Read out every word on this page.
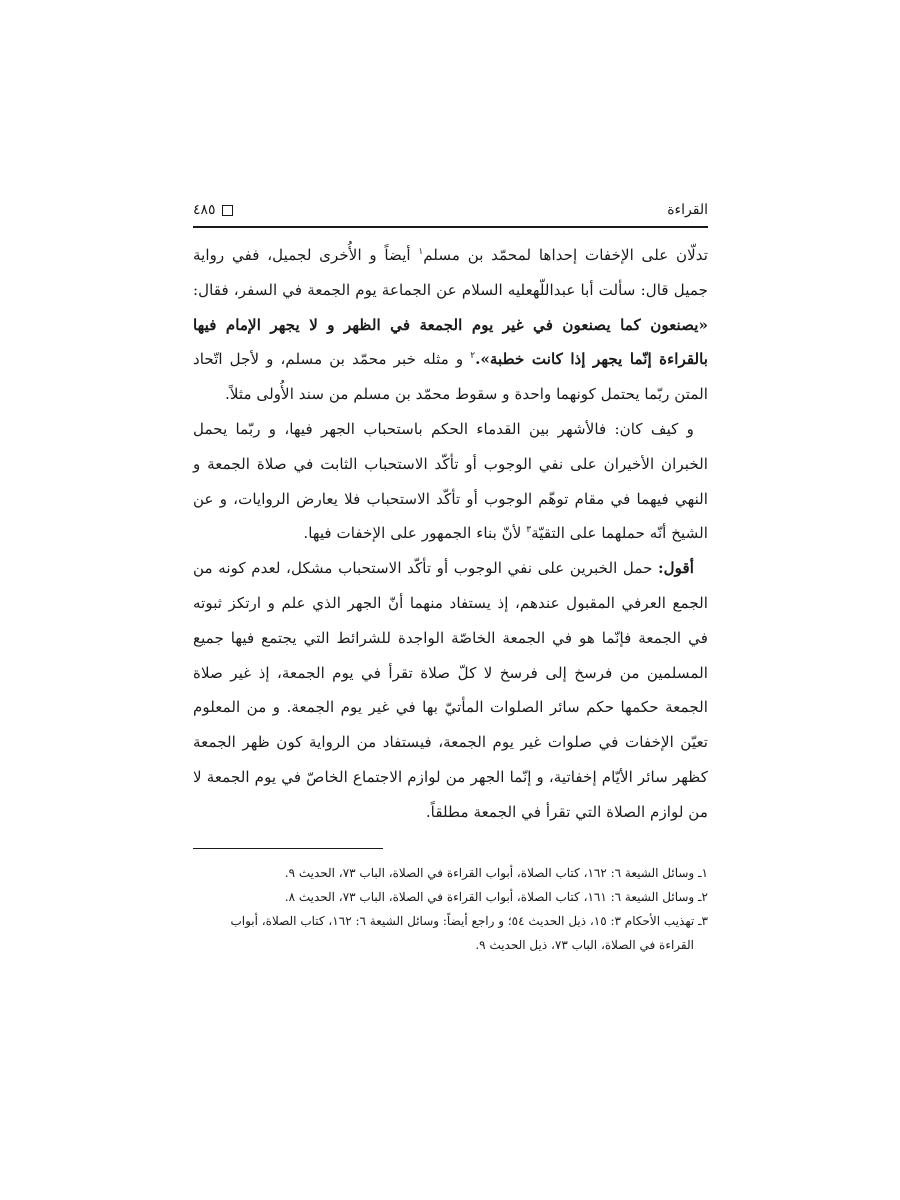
القراءة
٤٨٥

تدلّان على الإخفات إحداها لمحمّد بن مسلم$^١$ أيضاً و الأُخرى لجميل، ففي رواية جميل قال: سألت أبا عبداللّهعليه السلام عن الجماعة يوم الجمعة في السفر، فقال: «يصنعون كما يصنعون في غير يوم الجمعة في الظهر و لا يجهر الإمام فيها بالقراءة إنّما يجهر إذا كانت خطبة».$^٢$ و مثله خبر محمّد بن مسلم، و لأجل اتّحاد المتن ربّما يحتمل كونهما واحدة و سقوط محمّد بن مسلم من سند الأُولى مثلاً.

و كيف كان: فالأشهر بين القدماء الحكم باستحباب الجهر فيها، و ربّما يحمل الخبران الأخيران على نفي الوجوب أو تأكّد الاستحباب الثابت في صلاة الجمعة و النهي فيهما في مقام توهّم الوجوب أو تأكّد الاستحباب فلا يعارض الروايات، و عن الشيخ أنّه حملهما على التقيّة$^٣$ لأنّ بناء الجمهور على الإخفات فيها.

أقول: حمل الخبرين على نفي الوجوب أو تأكّد الاستحباب مشكل، لعدم كونه من الجمع العرفي المقبول عندهم، إذ يستفاد منهما أنّ الجهر الذي علم و ارتكز ثبوته في الجمعة فإنّما هو في الجمعة الخاصّة الواجدة للشرائط التي يجتمع فيها جميع المسلمين من فرسخ إلى فرسخ لا كلّ صلاة تقرأ في يوم الجمعة، إذ غير صلاة الجمعة حكمها حكم سائر الصلوات المأتيّ بها في غير يوم الجمعة. و من المعلوم تعيّن الإخفات في صلوات غير يوم الجمعة، فيستفاد من الرواية كون ظهر الجمعة كظهر سائر الأيّام إخفاتية، و إنّما الجهر من لوازم الاجتماع الخاصّ في يوم الجمعة لا من لوازم الصلاة التي تقرأ في الجمعة مطلقاً.

١ـ وسائل الشيعة ٦: ١٦٢، كتاب الصلاة، أبواب القراءة في الصلاة، الباب ٧٣، الحديث ٩.

٢ـ وسائل الشيعة ٦: ١٦١، كتاب الصلاة، أبواب القراءة في الصلاة، الباب ٧٣، الحديث ٨.

٣ـ تهذيب الأحكام ٣: ١٥، ذيل الحديث ٥٤؛ و راجع أيضاً: وسائل الشيعة ٦: ١٦٢، كتاب الصلاة، أبواب

القراءة في الصلاة، الباب ٧٣، ذيل الحديث ٩.
